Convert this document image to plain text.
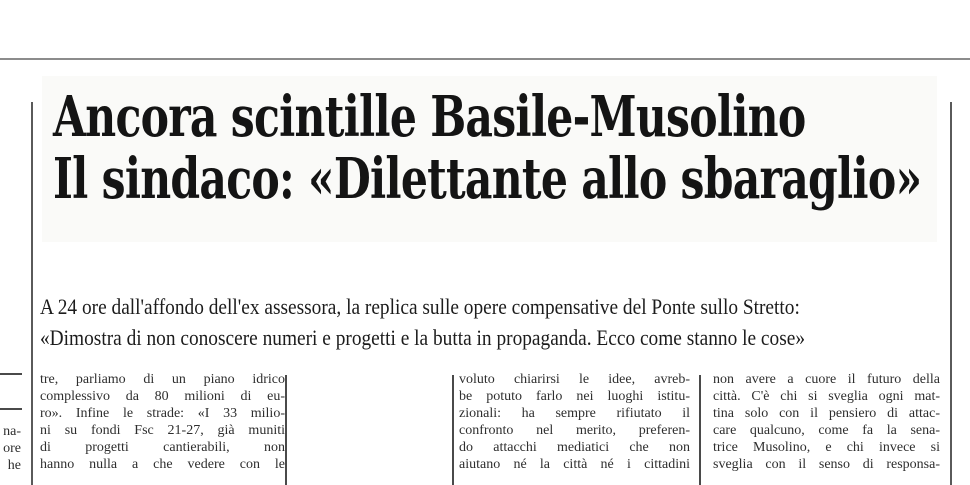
Ancora scintille Basile-Musolino
Il sindaco: «Dilettante allo sbaraglio»
A 24 ore dall'affondo dell'ex assessora, la replica sulle opere compensative del Ponte sullo Stretto:
«Dimostra di non conoscere numeri e progetti e la butta in propaganda. Ecco come stanno le cose»
na-
ore
he
tre, parliamo di un piano idrico
complessivo da 80 milioni di eu-
ro». Infine le strade: «I 33 milio-
ni su fondi Fsc 21-27, già muniti
di progetti cantierabili, non
hanno nulla a che vedere con le
voluto chiarirsi le idee, avreb-
be potuto farlo nei luoghi istitu-
zionali: ha sempre rifiutato il
confronto nel merito, preferen-
do attacchi mediatici che non
aiutano né la città né i cittadini
non avere a cuore il futuro della
città. C'è chi si sveglia ogni mat-
tina solo con il pensiero di attac-
care qualcuno, come fa la sena-
trice Musolino, e chi invece si
sveglia con il senso di responsa-
